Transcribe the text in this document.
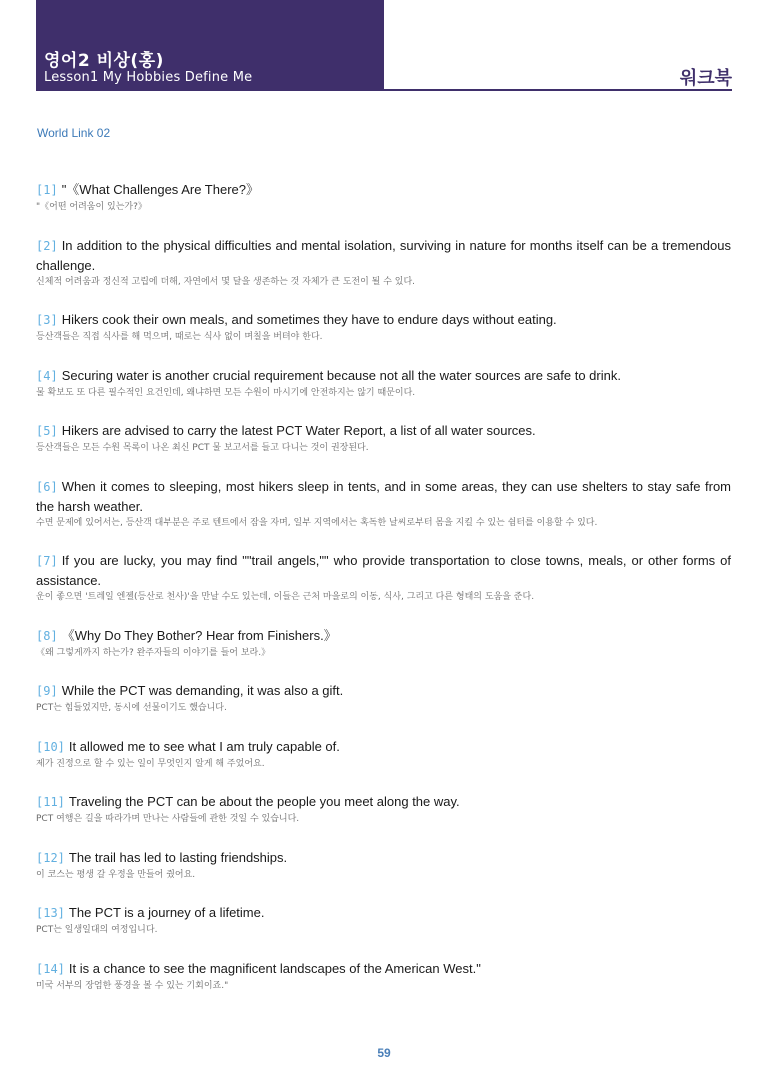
영어2 비상(홍)
Lesson1 My Hobbies Define Me	워크북
World Link 02
[1] "《What Challenges Are There?》
"《어떤 어려움이 있는가?》
[2] In addition to the physical difficulties and mental isolation, surviving in nature for months itself can be a tremendous challenge.
신체적 어려움과 정신적 고립에 더해, 자연에서 몇 달을 생존하는 것 자체가 큰 도전이 될 수 있다.
[3] Hikers cook their own meals, and sometimes they have to endure days without eating.
등산객들은 직접 식사를 해 먹으며, 때로는 식사 없이 며칠을 버텨야 한다.
[4] Securing water is another crucial requirement because not all the water sources are safe to drink.
물 확보도 또 다른 필수적인 요건인데, 왜냐하면 모든 수원이 마시기에 안전하지는 않기 때문이다.
[5] Hikers are advised to carry the latest PCT Water Report, a list of all water sources.
등산객들은 모든 수원 목록이 나온 최신 PCT 물 보고서를 들고 다니는 것이 권장된다.
[6] When it comes to sleeping, most hikers sleep in tents, and in some areas, they can use shelters to stay safe from the harsh weather.
수면 문제에 있어서는, 등산객 대부분은 주로 텐트에서 잠을 자며, 일부 지역에서는 혹독한 날씨로부터 몸을 지킬 수 있는 쉼터를 이용할 수 있다.
[7] If you are lucky, you may find ""trail angels,"" who provide transportation to close towns, meals, or other forms of assistance.
운이 좋으면 '트레일 엔젤(등산로 천사)'을 만날 수도 있는데, 이들은 근처 마을로의 이동, 식사, 그리고 다른 형태의 도움을 준다.
[8] 《Why Do They Bother? Hear from Finishers.》
《왜 그렇게까지 하는가? 완주자들의 이야기를 들어 보라.》
[9] While the PCT was demanding, it was also a gift.
PCT는 힘들었지만, 동시에 선물이기도 했습니다.
[10] It allowed me to see what I am truly capable of.
제가 진정으로 할 수 있는 일이 무엇인지 알게 해 주었어요.
[11] Traveling the PCT can be about the people you meet along the way.
PCT 여행은 길을 따라가며 만나는 사람들에 관한 것일 수 있습니다.
[12] The trail has led to lasting friendships.
이 코스는 평생 갈 우정을 만들어 줬어요.
[13] The PCT is a journey of a lifetime.
PCT는 일생일대의 여정입니다.
[14] It is a chance to see the magnificent landscapes of the American West."
미국 서부의 장엄한 풍경을 볼 수 있는 기회이죠."
59
